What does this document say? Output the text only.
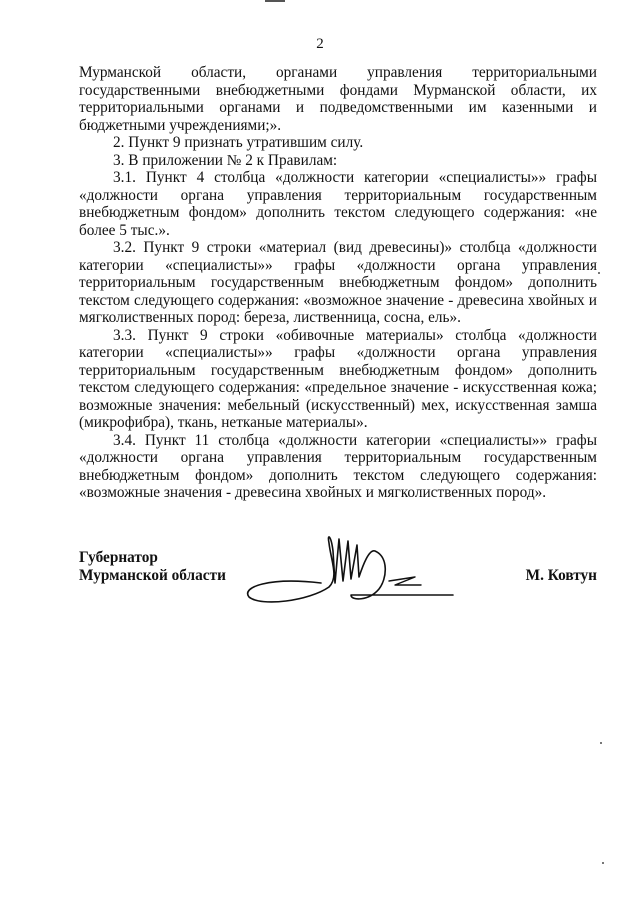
2

Мурманской области, органами управления территориальными государственными внебюджетными фондами Мурманской области, их территориальными органами и подведомственными им казенными и бюджетными учреждениями;».

2. Пункт 9 признать утратившим силу.

3. В приложении № 2 к Правилам:

3.1. Пункт 4 столбца «должности категории «специалисты»» графы «должности органа управления территориальным государственным внебюджетным фондом» дополнить текстом следующего содержания: «не более 5 тыс.».

3.2. Пункт 9 строки «материал (вид древесины)» столбца «должности категории «специалисты»» графы «должности органа управления территориальным государственным внебюджетным фондом» дополнить текстом следующего содержания: «возможное значение - древесина хвойных и мягколиственных пород: береза, лиственница, сосна, ель».

3.3. Пункт 9 строки «обивочные материалы» столбца «должности категории «специалисты»» графы «должности органа управления территориальным государственным внебюджетным фондом» дополнить текстом следующего содержания: «предельное значение - искусственная кожа; возможные значения: мебельный (искусственный) мех, искусственная замша (микрофибра), ткань, нетканые материалы».

3.4. Пункт 11 столбца «должности категории «специалисты»» графы «должности органа управления территориальным государственным внебюджетным фондом» дополнить текстом следующего содержания: «возможные значения - древесина хвойных и мягколиственных пород».

Губернатор
Мурманской области	М. Ковтун
